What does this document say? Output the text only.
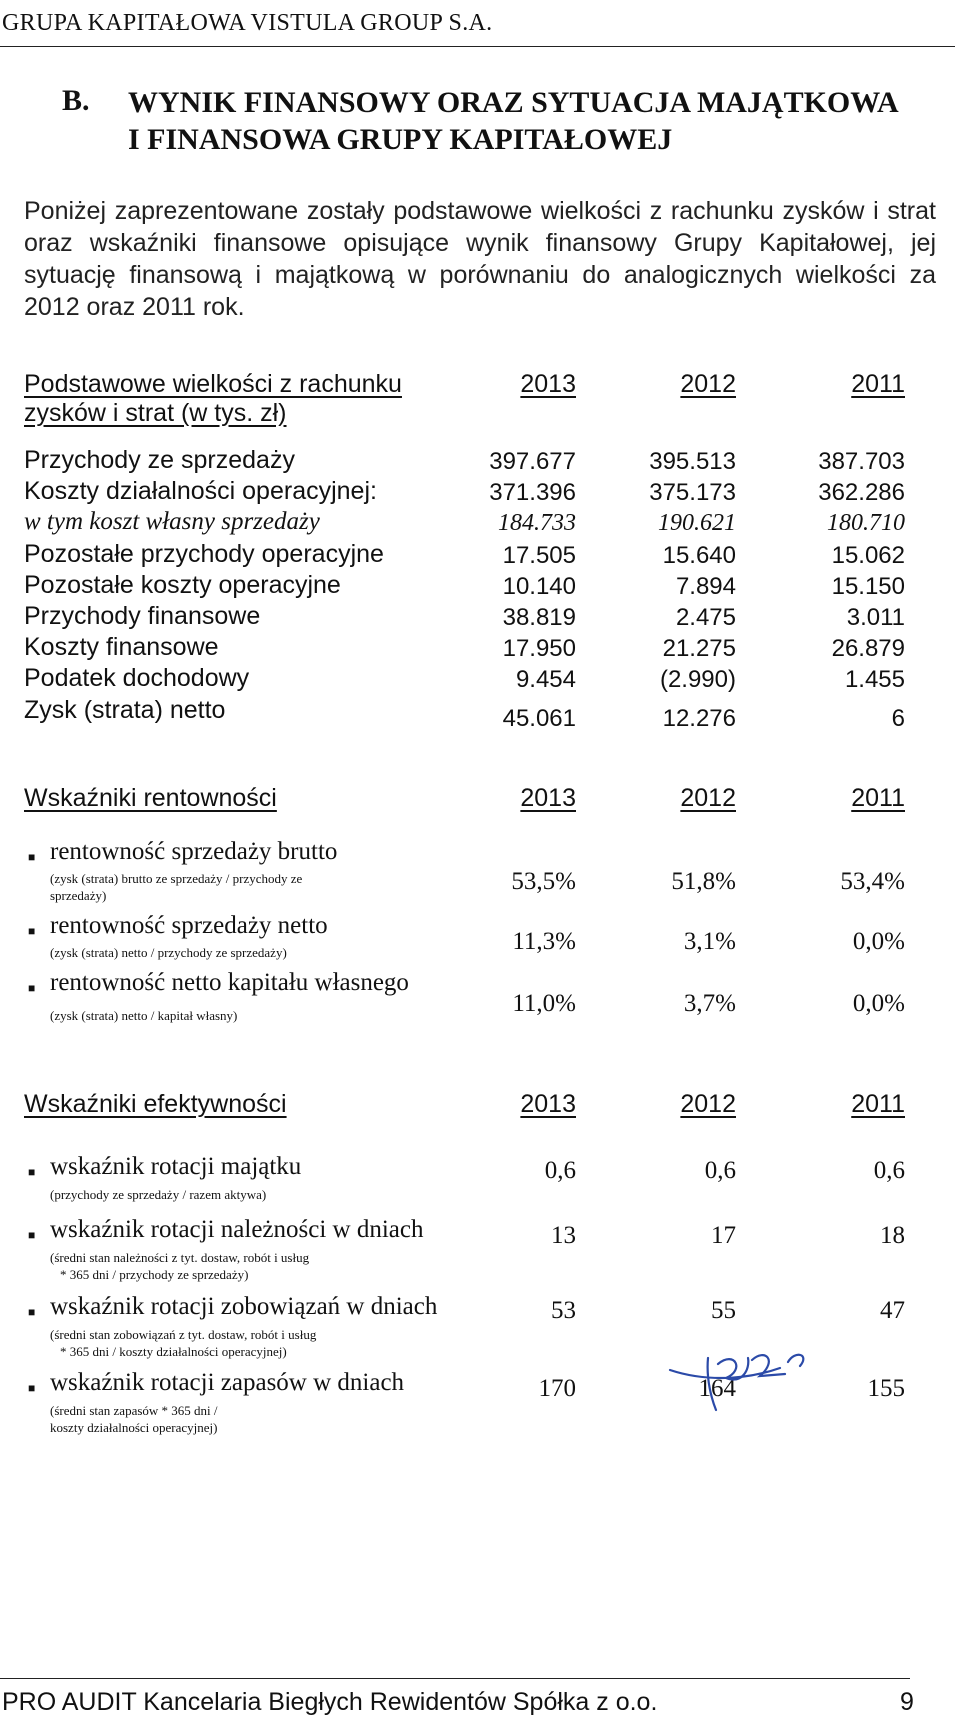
GRUPA KAPITAŁOWA VISTULA GROUP S.A.
B. WYNIK FINANSOWY ORAZ SYTUACJA MAJĄTKOWA
I FINANSOWA GRUPY KAPITAŁOWEJ
Poniżej zaprezentowane zostały podstawowe wielkości z rachunku zysków i strat oraz wskaźniki finansowe opisujące wynik finansowy Grupy Kapitałowej, jej sytuację finansową i majątkową w porównaniu do analogicznych wielkości za 2012 oraz 2011 rok.
Podstawowe wielkości z rachunku
zysków i strat (w tys. zł)
2013	2012	2011
Przychody ze sprzedaży	397.677	395.513	387.703
Koszty działalności operacyjnej:	371.396	375.173	362.286
w tym koszt własny sprzedaży	184.733	190.621	180.710
Pozostałe przychody operacyjne	17.505	15.640	15.062
Pozostałe koszty operacyjne	10.140	7.894	15.150
Przychody finansowe	38.819	2.475	3.011
Koszty finansowe	17.950	21.275	26.879
Podatek dochodowy	9.454	(2.990)	1.455
Zysk (strata) netto	45.061	12.276	6
Wskaźniki rentowności	2013	2012	2011
■ rentowność sprzedaży brutto
(zysk (strata) brutto ze sprzedaży / przychody ze
sprzedaży)
53,5%	51,8%	53,4%
■ rentowność sprzedaży netto
(zysk (strata) netto / przychody ze sprzedaży)	11,3%	3,1%	0,0%
■ rentowność netto kapitału własnego
(zysk (strata) netto / kapitał własny)	11,0%	3,7%	0,0%
Wskaźniki efektywności	2013	2012	2011
■ wskaźnik rotacji majątku
(przychody ze sprzedaży / razem aktywa)
0,6	0,6	0,6
■ wskaźnik rotacji należności w dniach
(średni stan należności z tyt. dostaw, robót i usług
* 365 dni / przychody ze sprzedaży)
13	17	18
■ wskaźnik rotacji zobowiązań w dniach
(średni stan zobowiązań z tyt. dostaw, robót i usług
* 365 dni / koszty działalności operacyjnej)
53	55	47
■ wskaźnik rotacji zapasów w dniach
(średni stan zapasów * 365 dni /
koszty działalności operacyjnej)
170	164	155
PRO AUDIT Kancelaria Biegłych Rewidentów Spółka z o.o.	9
